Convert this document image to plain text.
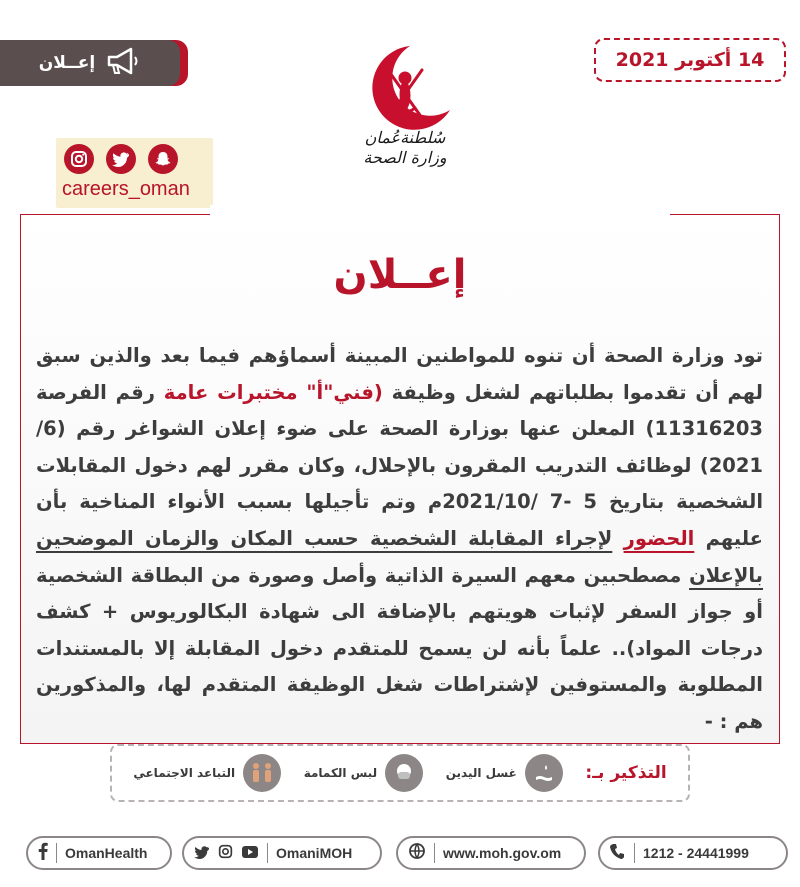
إعــلان	14 أكتوبر 2021
سُلطنةعُمان
وزارة الصحة
careers_oman
إعــلان
تود وزارة الصحة أن تنوه للمواطنين المبينة أسماؤهم فيما بعد والذين سبق لهم أن تقدموا بطلباتهم لشغل وظيفة (فني"أ" مختبرات عامة رقم الفرصة 11316203) المعلن عنها بوزارة الصحة على ضوء إعلان الشواغر رقم (6/ 2021) لوظائف التدريب المقرون بالإحلال، وكان مقرر لهم دخول المقابلات الشخصية بتاريخ 5 -7 /2021/10م وتم تأجيلها بسبب الأنواء المناخية بأن عليهم الحضور لإجراء المقابلة الشخصية حسب المكان والزمان الموضحين بالإعلان مصطحبين معهم السيرة الذاتية وأصل وصورة من البطاقة الشخصية أو جواز السفر لإثبات هويتهم بالإضافة الى شهادة البكالوريوس + كشف درجات المواد).. علماً بأنه لن يسمح للمتقدم دخول المقابلة إلا بالمستندات المطلوبة والمستوفين لإشتراطات شغل الوظيفة المتقدم لها، والمذكورين هم : -
التذكير بـ:
غسل اليدين
لبس الكمامة
التباعد الاجتماعي
1212 - 24441999
www.moh.gov.om
OmaniMOH
OmanHealth
